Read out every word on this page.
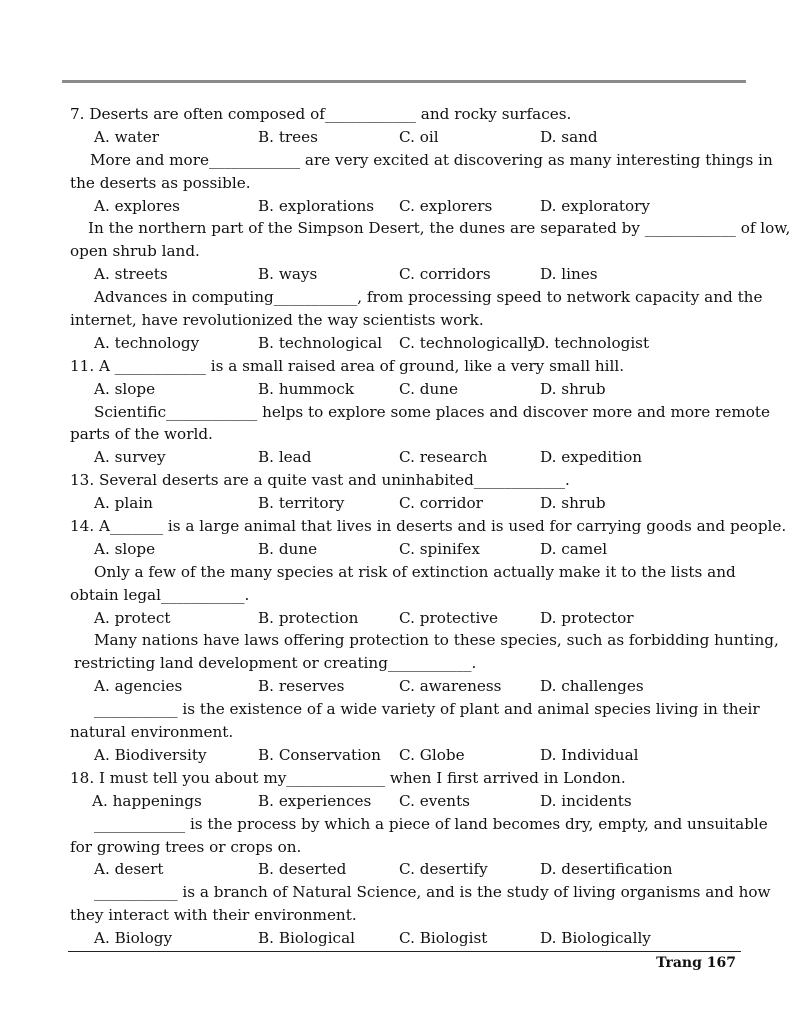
7. Deserts are often composed of____________ and rocky surfaces.
A. water	B. trees	C. oil	D. sand
More and more____________ are very excited at discovering as many interesting things in
the deserts as possible.
A. explores	B. explorations C. explorers	D. exploratory
In the northern part of the Simpson Desert, the dunes are separated by ____________ of low,
open shrub land.
A. streets	B. ways	C. corridors	D. lines
Advances in computing___________, from processing speed to network capacity and the
internet, have revolutionized the way scientists work.
A. technology	B. technological C. technologically
D. technologist
11. A ____________ is a small raised area of ground, like a very small hill.
A. slope	B. hummock	C. dune	D. shrub
Scientific____________ helps to explore some places and discover more and more remote
parts of the world.
A. survey	B. lead	C. research	D. expedition
13. Several deserts are a quite vast and uninhabited____________.
A. plain	B. territory	C. corridor	D. shrub
14. A_______ is a large animal that lives in deserts and is used for carrying goods and people.
A. slope	B. dune	C. spinifex	D. camel
Only a few of the many species at risk of extinction actually make it to the lists and
obtain legal___________.
A. protect	B. protection	C. protective	D. protector
Many nations have laws offering protection to these species, such as forbidding hunting,
restricting land development or creating___________.
A. agencies	B. reserves	C. awareness	D. challenges
___________ is the existence of a wide variety of plant and animal species living in their
natural environment.
A. Biodiversity	B. Conservation C. Globe	D. Individual
18. I must tell you about my_____________ when I first arrived in London.
A. happenings	B. experiences C. events	D. incidents
____________ is the process by which a piece of land becomes dry, empty, and unsuitable
for growing trees or crops on.
A. desert	B. deserted	C. desertify	D. desertification
___________ is a branch of Natural Science, and is the study of living organisms and how
they interact with their environment.
A. Biology	B. Biological	C. Biologist	D. Biologically
Trang 167
